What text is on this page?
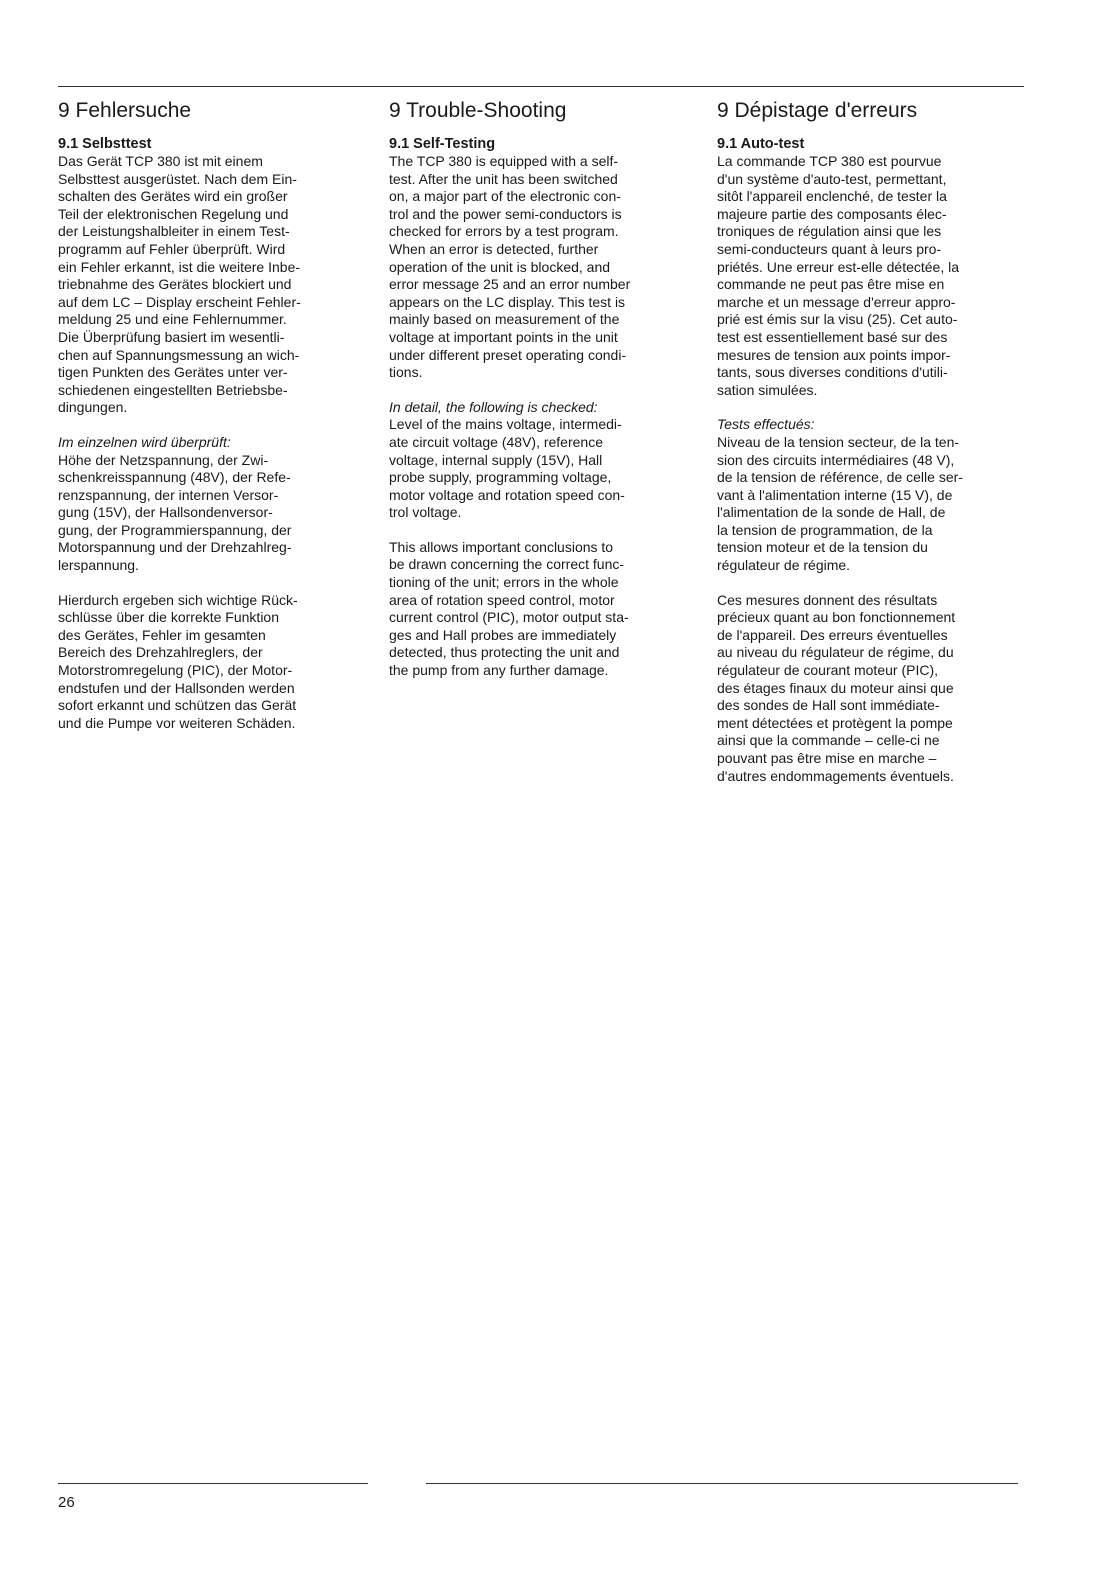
9 Fehlersuche
9.1 Selbsttest

Das Gerät TCP 380 ist mit einem
Selbsttest ausgerüstet. Nach dem Ein-
schalten des Gerätes wird ein großer
Teil der elektronischen Regelung und
der Leistungshalbleiter in einem Test-
programm auf Fehler überprüft. Wird
ein Fehler erkannt, ist die weitere Inbe-
triebnahme des Gerätes blockiert und
auf dem LC – Display erscheint Fehler-
meldung 25 und eine Fehlernummer.
Die Überprüfung basiert im wesentli-
chen auf Spannungsmessung an wich-
tigen Punkten des Gerätes unter ver-
schiedenen eingestellten Betriebsbe-
dingungen.

Im einzelnen wird überprüft:

Höhe der Netzspannung, der Zwi-
schenkreisspannung (48V), der Refe-
renzspannung, der internen Versor-
gung (15V), der Hallsondenversor-
gung, der Programmierspannung, der
Motorspannung und der Drehzahlreg-
lerspannung.

Hierdurch ergeben sich wichtige Rück-
schlüsse über die korrekte Funktion
des Gerätes, Fehler im gesamten
Bereich des Drehzahlreglers, der
Motorstromregelung (PIC), der Motor-
endstufen und der Hallsonden werden
sofort erkannt und schützen das Gerät
und die Pumpe vor weiteren Schäden.

9 Trouble-Shooting
9.1 Self-Testing

The TCP 380 is equipped with a self-
test. After the unit has been switched
on, a major part of the electronic con-
trol and the power semi-conductors is
checked for errors by a test program.
When an error is detected, further
operation of the unit is blocked, and
error message 25 and an error number
appears on the LC display. This test is
mainly based on measurement of the
voltage at important points in the unit
under different preset operating condi-
tions.

In detail, the following is checked:

Level of the mains voltage, intermedi-
ate circuit voltage (48V), reference
voltage, internal supply (15V), Hall
probe supply, programming voltage,
motor voltage and rotation speed con-
trol voltage.

This allows important conclusions to
be drawn concerning the correct func-
tioning of the unit; errors in the whole
area of rotation speed control, motor
current control (PIC), motor output sta-
ges and Hall probes are immediately
detected, thus protecting the unit and
the pump from any further damage.

9 Dépistage d'erreurs
9.1 Auto-test

La commande TCP 380 est pourvue
d'un système d'auto-test, permettant,
sitôt l'appareil enclenché, de tester la
majeure partie des composants élec-
troniques de régulation ainsi que les
semi-conducteurs quant à leurs pro-
priétés. Une erreur est-elle détectée, la
commande ne peut pas être mise en
marche et un message d'erreur appro-
prié est émis sur la visu (25). Cet auto-
test est essentiellement basé sur des
mesures de tension aux points impor-
tants, sous diverses conditions d'utili-
sation simulées.

Tests effectués:

Niveau de la tension secteur, de la ten-
sion des circuits intermédiaires (48 V),
de la tension de référence, de celle ser-
vant à l'alimentation interne (15 V), de
l'alimentation de la sonde de Hall, de
la tension de programmation, de la
tension moteur et de la tension du
régulateur de régime.

Ces mesures donnent des résultats
précieux quant au bon fonctionnement
de l'appareil. Des erreurs éventuelles
au niveau du régulateur de régime, du
régulateur de courant moteur (PIC),
des étages finaux du moteur ainsi que
des sondes de Hall sont immédiate-
ment détectées et protègent la pompe
ainsi que la commande – celle-ci ne
pouvant pas être mise en marche –
d'autres endommagements éventuels.

26
